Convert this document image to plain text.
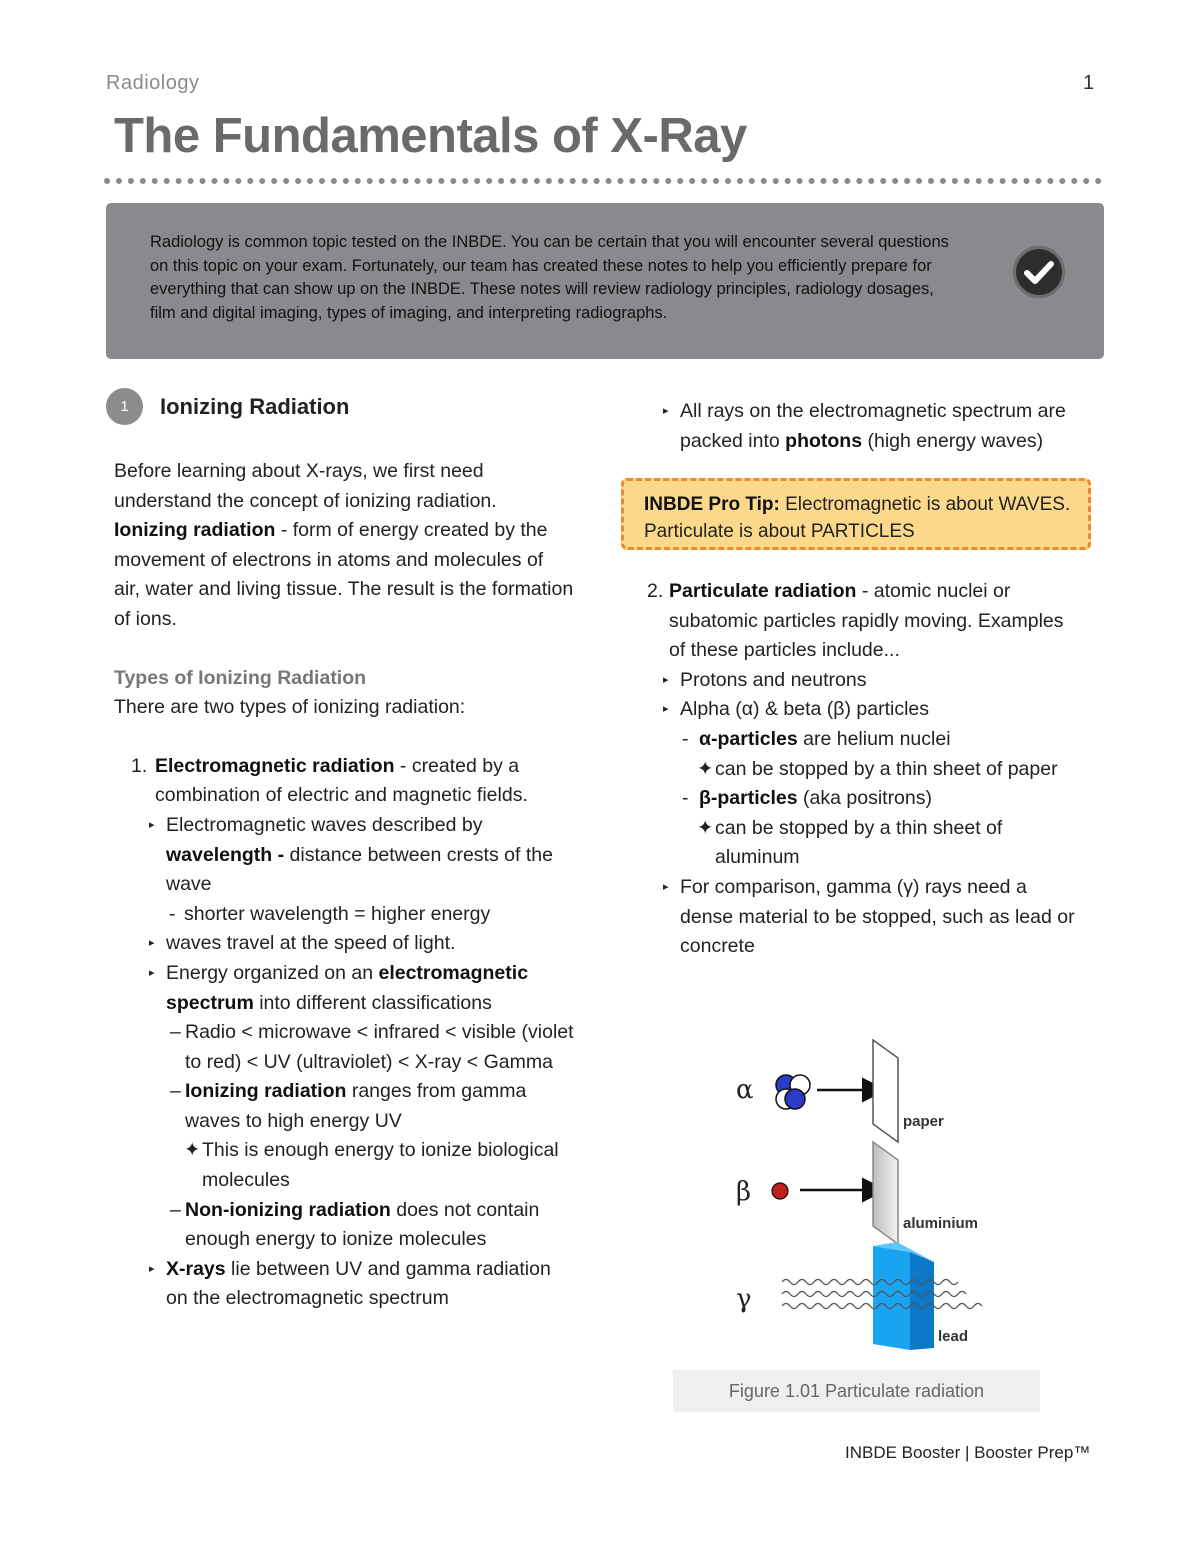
Radiology	1
The Fundamentals of X-Ray
Radiology is common topic tested on the INBDE. You can be certain that you will encounter several questions on this topic on your exam. Fortunately, our team has created these notes to help you efficiently prepare for everything that can show up on the INBDE. These notes will review radiology principles, radiology dosages, film and digital imaging, types of imaging, and interpreting radiographs.
1	Ionizing Radiation

Before learning about X-rays, we first need understand the concept of ionizing radiation.

Ionizing radiation - form of energy created by the movement of electrons in atoms and molecules of air, water and living tissue. The result is the formation of ions.

Types of Ionizing Radiation

There are two types of ionizing radiation:

1. Electromagnetic radiation - created by a combination of electric and magnetic fields.
▸ Electromagnetic waves described by wavelength - distance between crests of the wave
- shorter wavelength = higher energy
▸ waves travel at the speed of light.
▸ Energy organized on an electromagnetic spectrum into different classifications
– Radio < microwave < infrared < visible (violet to red) < UV (ultraviolet) < X-ray < Gamma
– Ionizing radiation ranges from gamma waves to high energy UV
✦ This is enough energy to ionize biological molecules
– Non-ionizing radiation does not contain enough energy to ionize molecules
▸ X-rays lie between UV and gamma radiation on the electromagnetic spectrum
▸ All rays on the electromagnetic spectrum are packed into photons (high energy waves)
INBDE Pro Tip: Electromagnetic is about WAVES. Particulate is about PARTICLES
2. Particulate radiation - atomic nuclei or subatomic particles rapidly moving. Examples of these particles include...
▸ Protons and neutrons
▸ Alpha (α) & beta (β) particles
- α-particles are helium nuclei
✦ can be stopped by a thin sheet of paper
- β-particles (aka positrons)
✦ can be stopped by a thin sheet of aluminum
▸ For comparison, gamma (γ) rays need a dense material to be stopped, such as lead or concrete
α
paper
β
aluminium
γ
lead
Figure 1.01 Particulate radiation
INBDE Booster | Booster Prep™
